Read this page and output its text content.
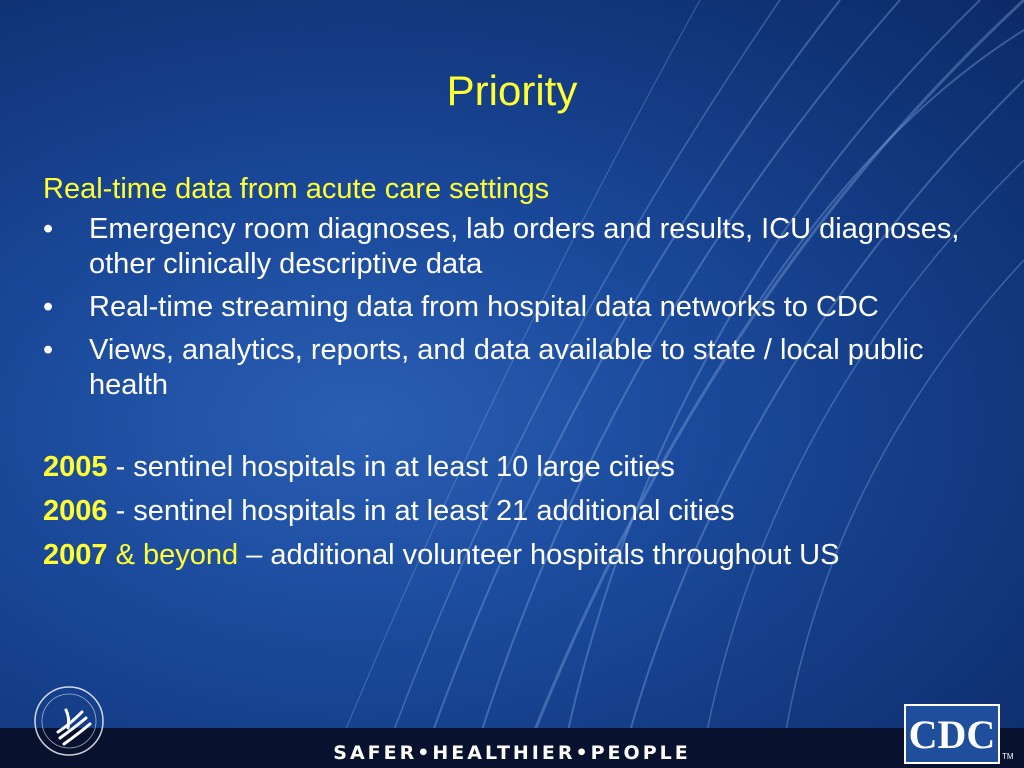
Priority
Real-time data from acute care settings
•	Emergency room diagnoses, lab orders and results, ICU diagnoses, other clinically descriptive data
•	Real-time streaming data from hospital data networks to CDC
•	Views, analytics, reports, and data available to state / local public health
2005 - sentinel hospitals in at least 10 large cities
2006 - sentinel hospitals in at least 21 additional cities
2007 & beyond – additional volunteer hospitals throughout US
SAFER•HEALTHIER•PEOPLE	CDC TM
